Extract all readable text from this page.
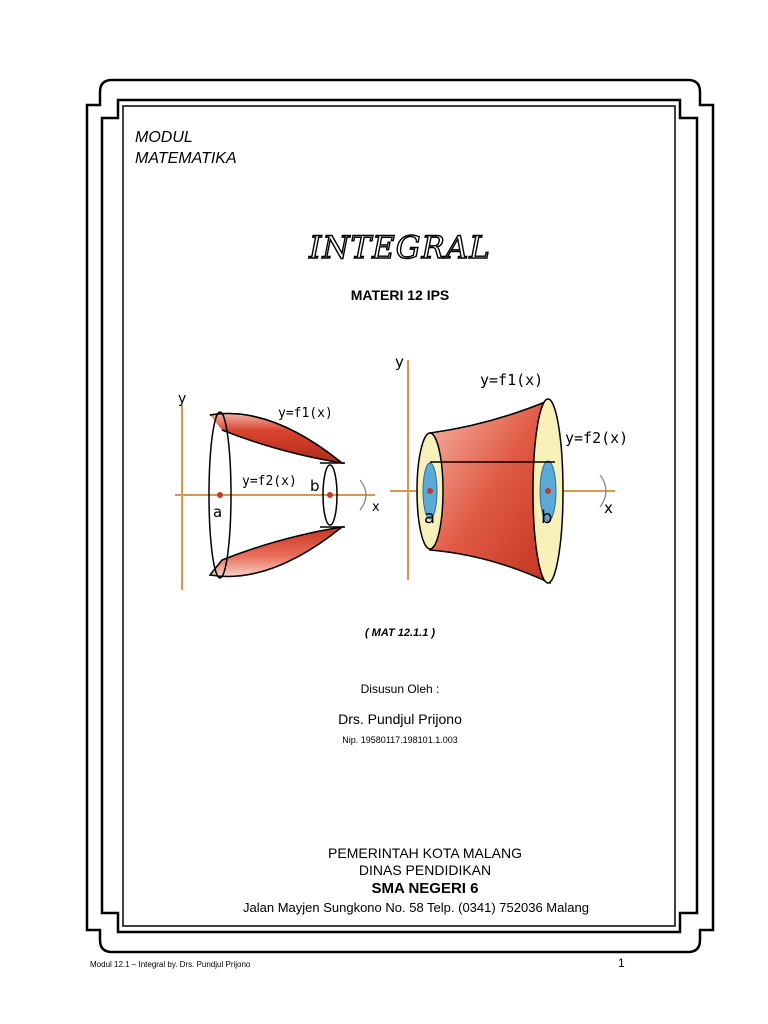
MODUL
MATEMATIKA
INTEGRAL
MATERI 12 IPS
y
x
y=f1(x)
y=f2(x)
a
b
y
x
y=f1(x)
y=f2(x)
a	b
( MAT 12.1.1 )
Disusun Oleh :
Drs. Pundjul Prijono
Nip. 19580117.198101.1.003
PEMERINTAH KOTA MALANG
DINAS PENDIDIKAN
SMA NEGERI 6
Jalan Mayjen Sungkono No. 58 Telp. (0341) 752036 Malang
Modul 12.1 – Integral by. Drs. Pundjul Prijono	1
